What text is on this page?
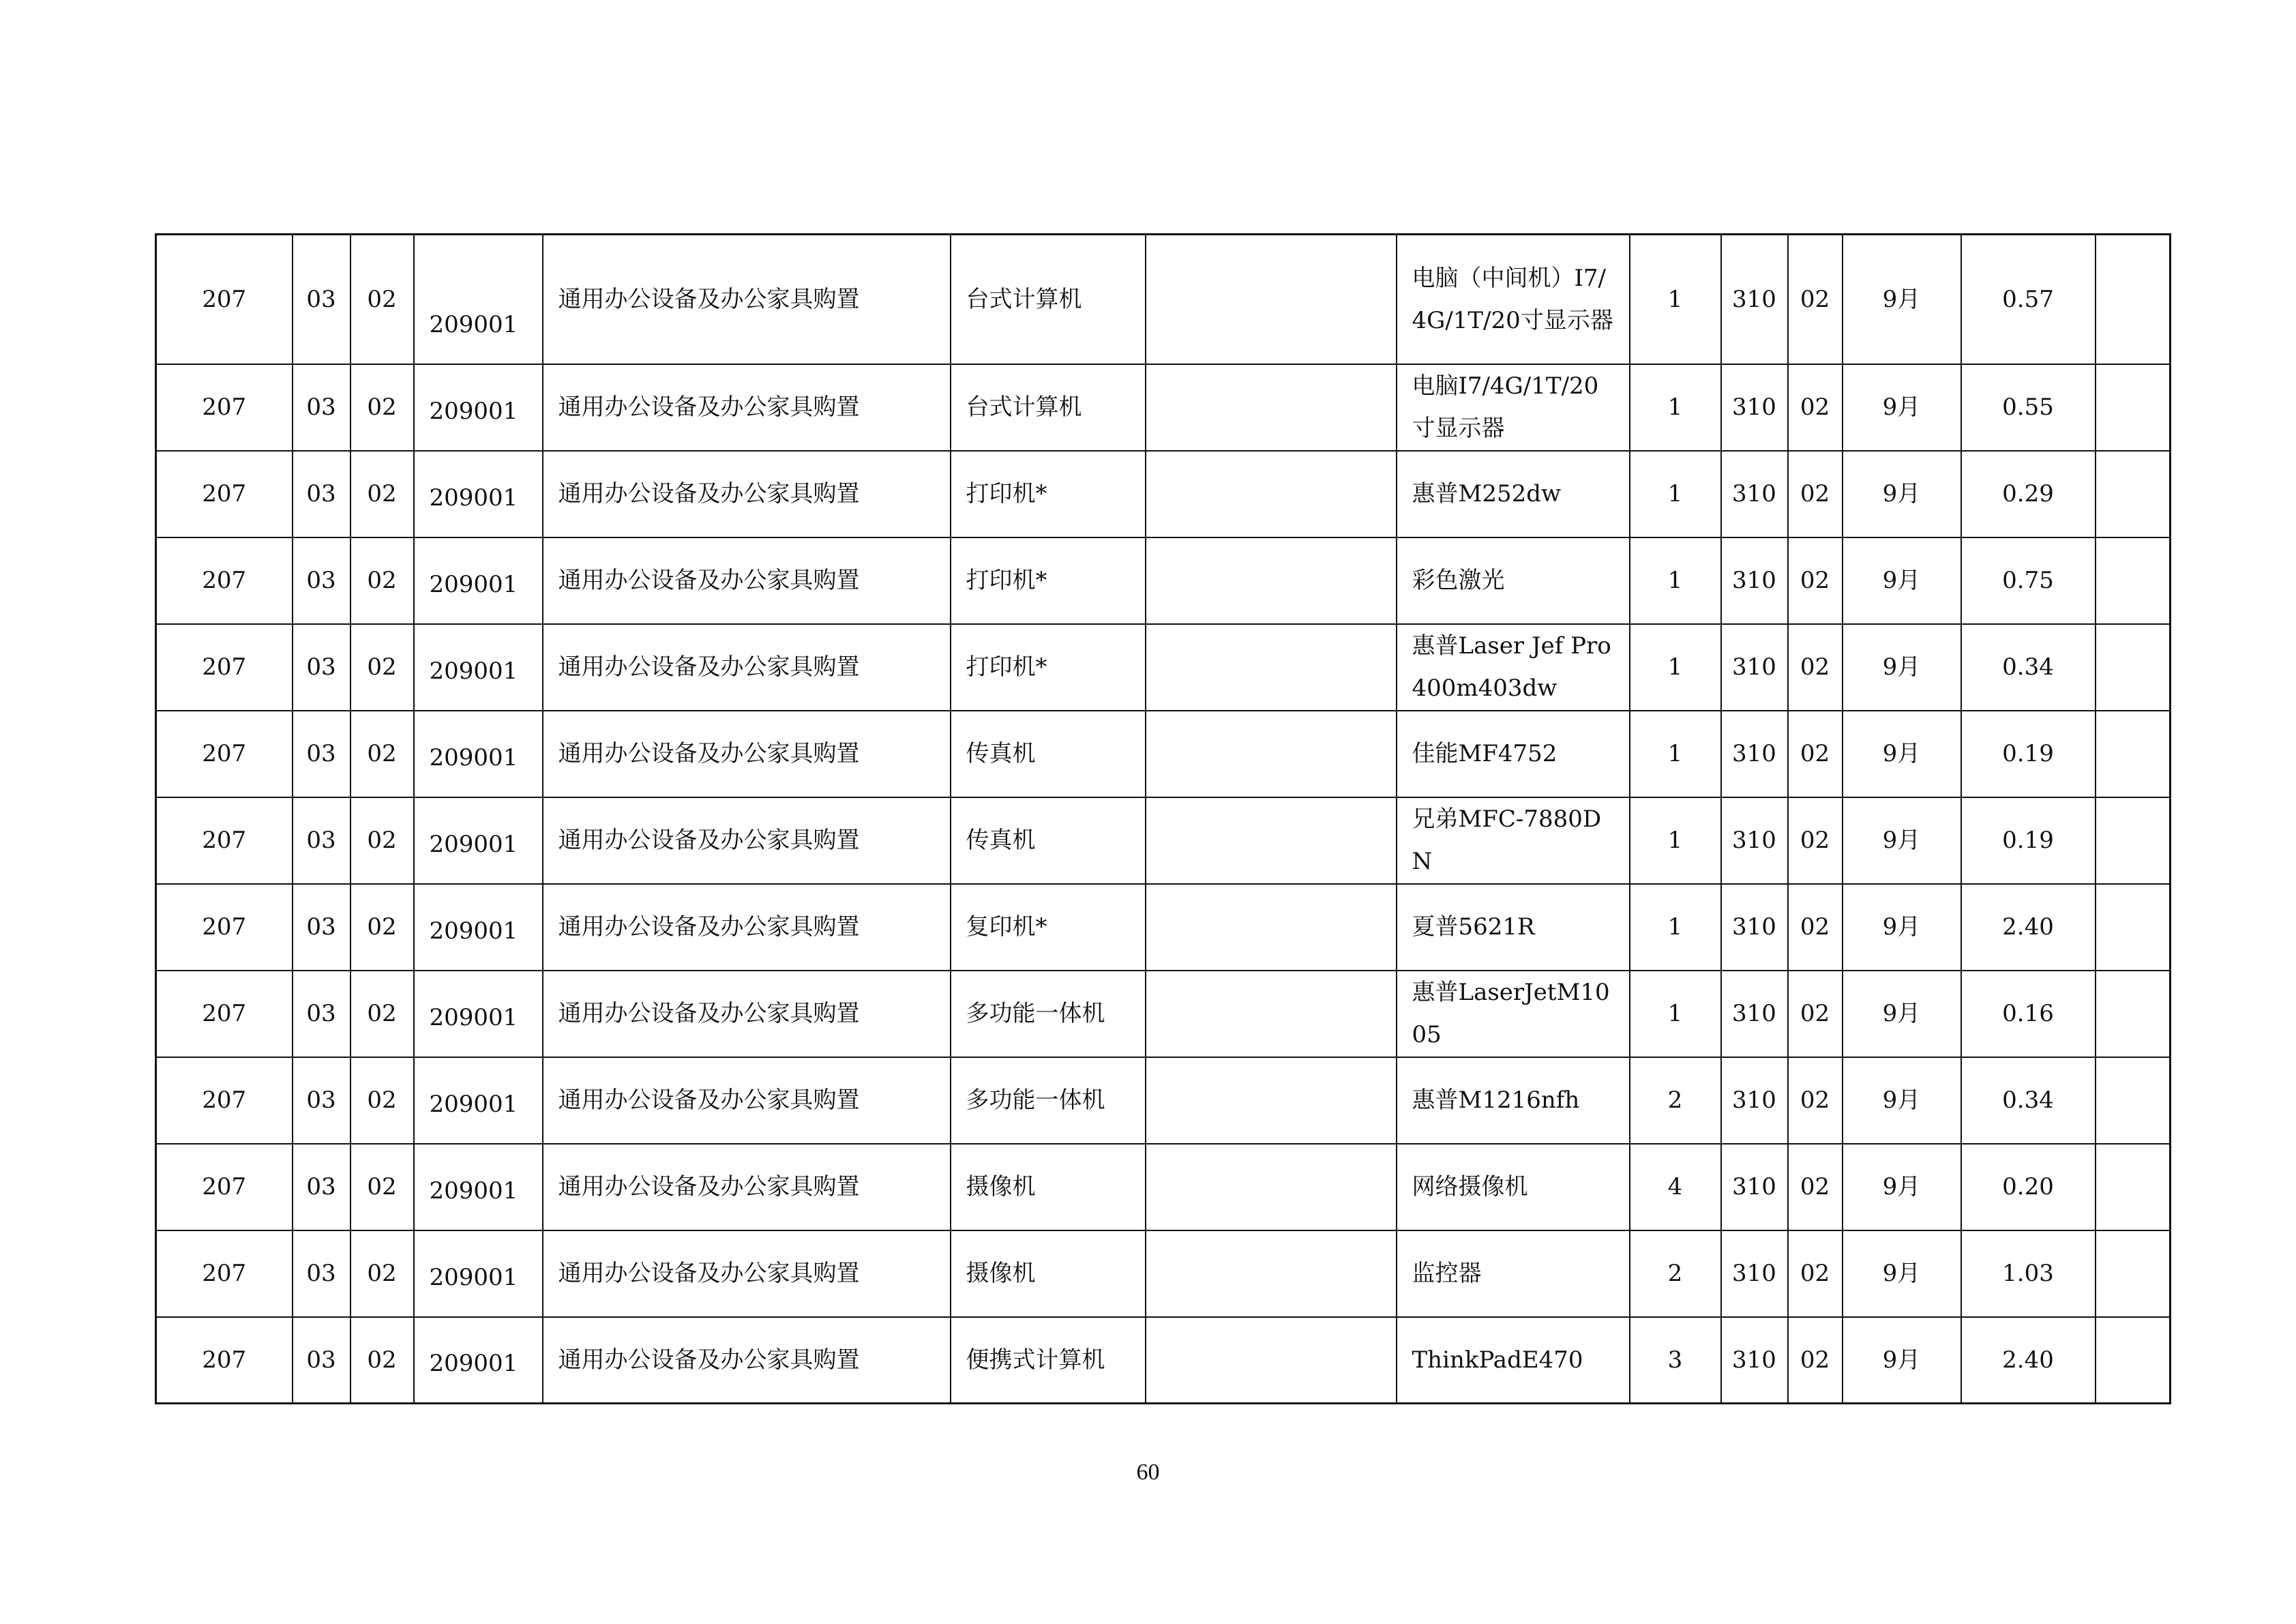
207	03	02	209001	通用办公设备及办公家具购置	台式计算机		电脑（中间机）I7/4G/1T/20寸显示器	1	310	02	9月	0.57	
207	03	02	209001	通用办公设备及办公家具购置	台式计算机		电脑I7/4G/1T/20寸显示器	1	310	02	9月	0.55	
207	03	02	209001	通用办公设备及办公家具购置	打印机*		惠普M252dw	1	310	02	9月	0.29	
207	03	02	209001	通用办公设备及办公家具购置	打印机*		彩色激光	1	310	02	9月	0.75	
207	03	02	209001	通用办公设备及办公家具购置	打印机*		惠普Laser Jef Pro 400m403dw	1	310	02	9月	0.34	
207	03	02	209001	通用办公设备及办公家具购置	传真机		佳能MF4752	1	310	02	9月	0.19	
207	03	02	209001	通用办公设备及办公家具购置	传真机		兄弟MFC-7880DN	1	310	02	9月	0.19	
207	03	02	209001	通用办公设备及办公家具购置	复印机*		夏普5621R	1	310	02	9月	2.40	
207	03	02	209001	通用办公设备及办公家具购置	多功能一体机		惠普LaserJetM1005	1	310	02	9月	0.16	
207	03	02	209001	通用办公设备及办公家具购置	多功能一体机		惠普M1216nfh	2	310	02	9月	0.34	
207	03	02	209001	通用办公设备及办公家具购置	摄像机		网络摄像机	4	310	02	9月	0.20	
207	03	02	209001	通用办公设备及办公家具购置	摄像机		监控器	2	310	02	9月	1.03	
207	03	02	209001	通用办公设备及办公家具购置	便携式计算机		ThinkPadE470	3	310	02	9月	2.40	
60
